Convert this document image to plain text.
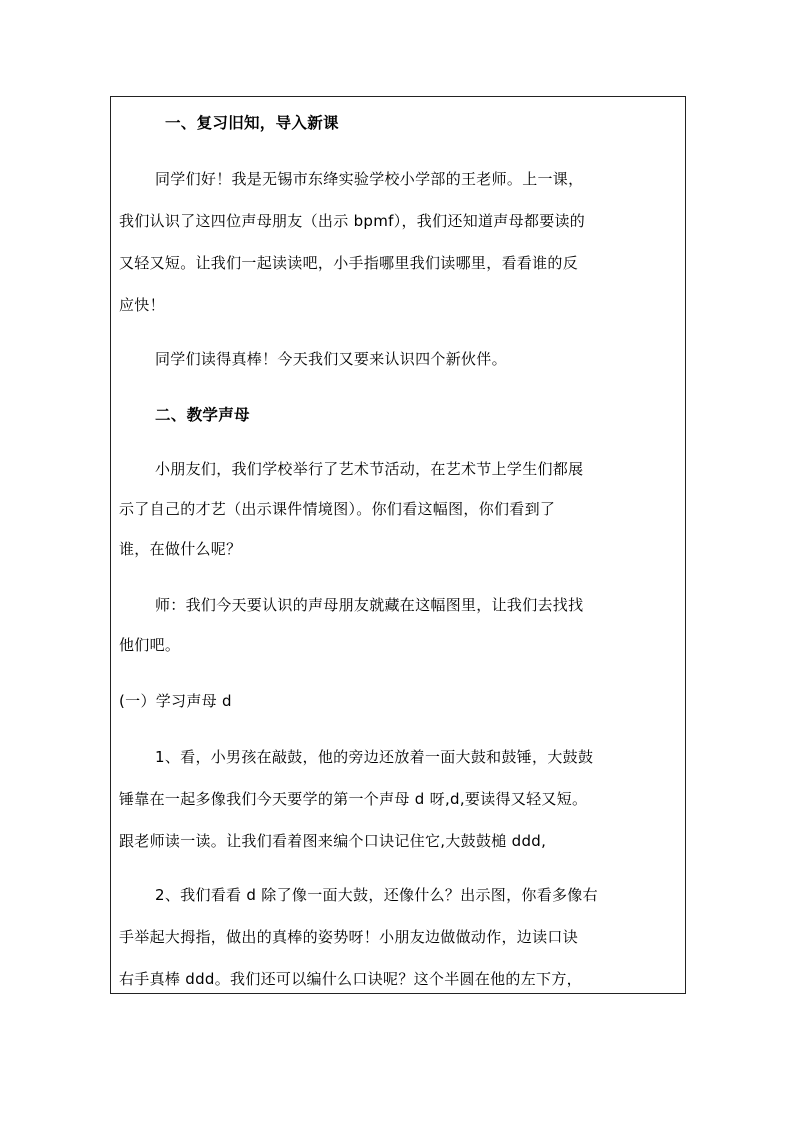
一、复习旧知，导入新课
同学们好！我是无锡市东绛实验学校小学部的王老师。上一课，
我们认识了这四位声母朋友（出示 bpmf），我们还知道声母都要读的
又轻又短。让我们一起读读吧，小手指哪里我们读哪里，看看谁的反
应快！
同学们读得真棒！今天我们又要来认识四个新伙伴。
二、教学声母
小朋友们，我们学校举行了艺术节活动，在艺术节上学生们都展
示了自己的才艺（出示课件情境图）。你们看这幅图，你们看到了
谁，在做什么呢？
师：我们今天要认识的声母朋友就藏在这幅图里，让我们去找找
他们吧。
(一）学习声母 d
1、看，小男孩在敲鼓，他的旁边还放着一面大鼓和鼓锤，大鼓鼓
锤靠在一起多像我们今天要学的第一个声母 d 呀,d,要读得又轻又短。
跟老师读一读。让我们看着图来编个口诀记住它,大鼓鼓槌 ddd,
2、我们看看 d 除了像一面大鼓，还像什么？出示图，你看多像右
手举起大拇指，做出的真棒的姿势呀！小朋友边做做动作，边读口诀
右手真棒 ddd。我们还可以编什么口诀呢？这个半圆在他的左下方，
